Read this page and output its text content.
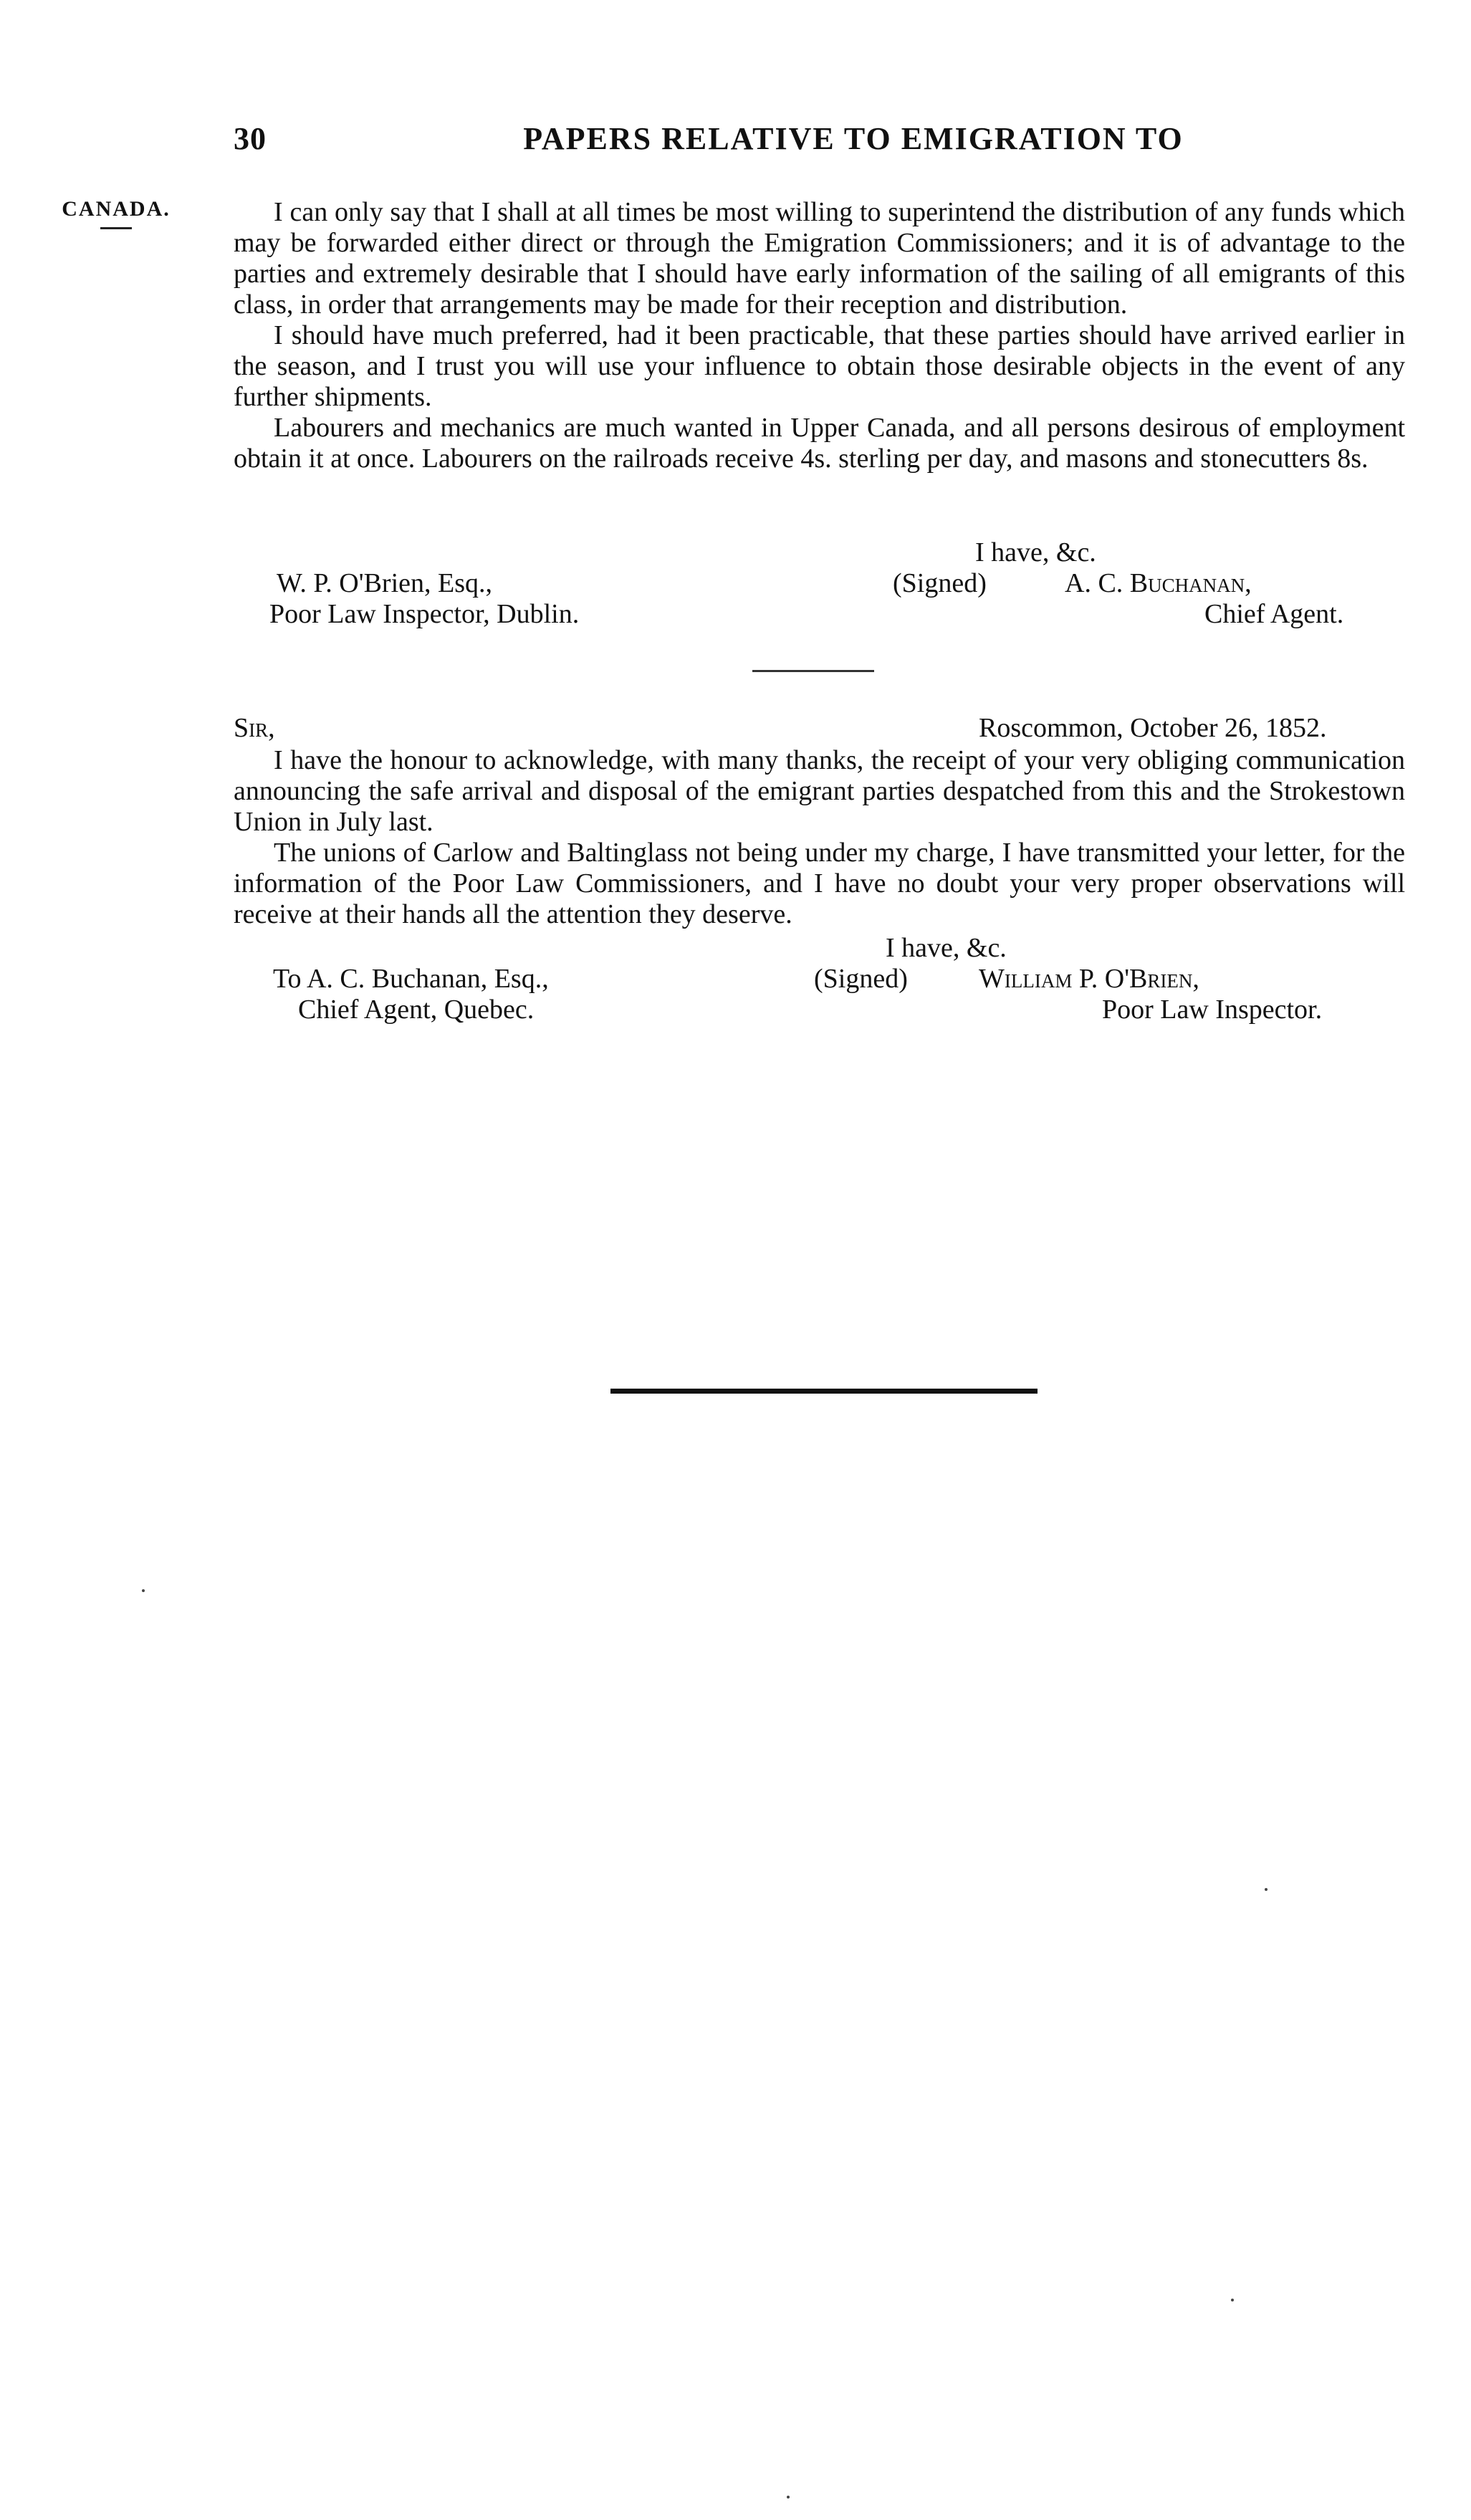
30	PAPERS RELATIVE TO EMIGRATION TO
CANADA.	I can only say that I shall at all times be most willing to superintend the distribution of any funds which may be forwarded either direct or through the Emigration Commissioners; and it is of advantage to the parties and extremely desirable that I should have early information of the sailing of all emigrants of this class, in order that arrangements may be made for their reception and distribution.

I should have much preferred, had it been practicable, that these parties should have arrived earlier in the season, and I trust you will use your influence to obtain those desirable objects in the event of any further shipments.

Labourers and mechanics are much wanted in Upper Canada, and all persons desirous of employment obtain it at once. Labourers on the railroads receive 4s. sterling per day, and masons and stonecutters 8s.

I have, &c.
W. P. O'Brien, Esq.,	(Signed)	A. C. Buchanan,
Poor Law Inspector, Dublin.	Chief Agent.
Sir,	Roscommon, October 26, 1852.

I have the honour to acknowledge, with many thanks, the receipt of your very obliging communication announcing the safe arrival and disposal of the emigrant parties despatched from this and the Strokestown Union in July last.

The unions of Carlow and Baltinglass not being under my charge, I have transmitted your letter, for the information of the Poor Law Commissioners, and I have no doubt your very proper observations will receive at their hands all the attention they deserve.

I have, &c.
To A. C. Buchanan, Esq.,	(Signed)	William P. O'Brien,
Chief Agent, Quebec.	Poor Law Inspector.
